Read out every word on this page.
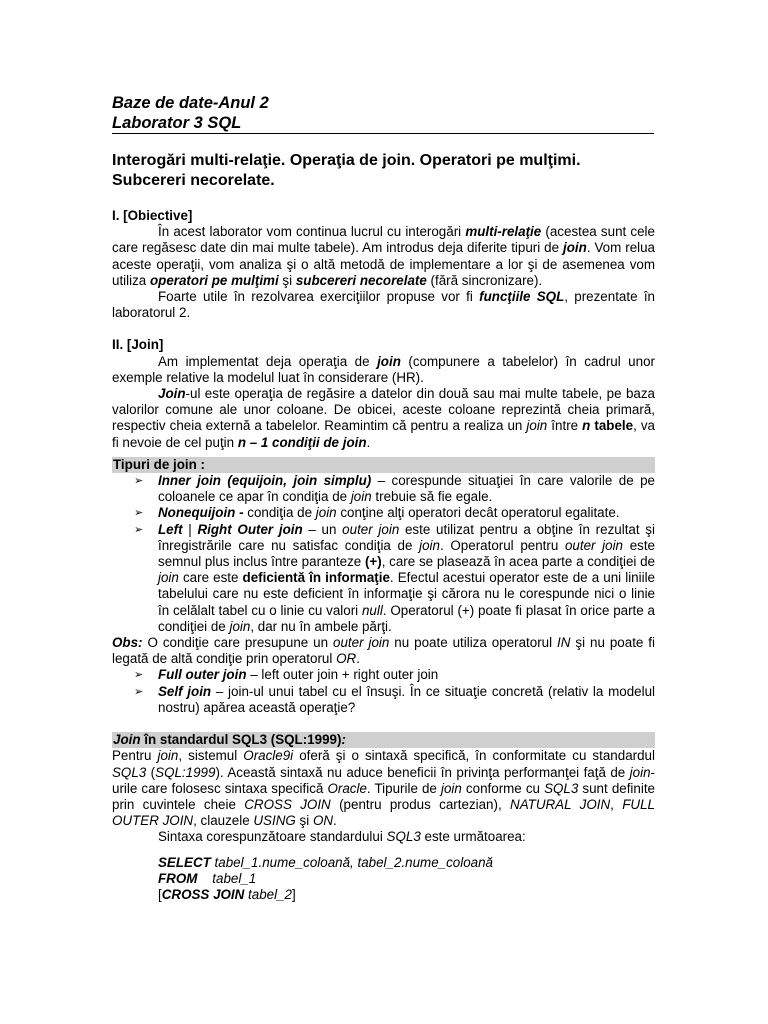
Baze de date-Anul 2

Laborator 3 SQL

Interogări multi-relaţie. Operaţia de join. Operatori pe mulţimi.

Subcereri necorelate.

I. [Obiective]

În acest laborator vom continua lucrul cu interogări multi-relaţie (acestea sunt cele care regăsesc date din mai multe tabele). Am introdus deja diferite tipuri de join. Vom relua aceste operaţii, vom analiza şi o altă metodă de implementare a lor şi de asemenea vom utiliza operatori pe mulţimi şi subcereri necorelate (fără sincronizare).

Foarte utile în rezolvarea exerciţiilor propuse vor fi funcţiile SQL, prezentate în laboratorul 2.

II. [Join]

Am implementat deja operaţia de join (compunere a tabelelor) în cadrul unor exemple relative la modelul luat în considerare (HR).

Join-ul este operaţia de regăsire a datelor din două sau mai multe tabele, pe baza valorilor comune ale unor coloane. De obicei, aceste coloane reprezintă cheia primară, respectiv cheia externă a tabelelor. Reamintim că pentru a realiza un join între n tabele, va fi nevoie de cel puţin n – 1 condiţii de join.

Tipuri de join :

➢ Inner join (equijoin, join simplu) – corespunde situaţiei în care valorile de pe coloanele ce apar în condiţia de join trebuie să fie egale.
➢ Nonequijoin - condiţia de join conţine alţi operatori decât operatorul egalitate.
➢ Left | Right Outer join – un outer join este utilizat pentru a obţine în rezultat şi înregistrările care nu satisfac condiţia de join. Operatorul pentru outer join este semnul plus inclus între paranteze (+), care se plasează în acea parte a condiţiei de join care este deficientă în informaţie. Efectul acestui operator este de a uni liniile tabelului care nu este deficient în informaţie şi cărora nu le corespunde nici o linie în celălalt tabel cu o linie cu valori null. Operatorul (+) poate fi plasat în orice parte a condiţiei de join, dar nu în ambele părţi.

Obs: O condiţie care presupune un outer join nu poate utiliza operatorul IN şi nu poate fi legată de altă condiţie prin operatorul OR.

➢ Full outer join – left outer join + right outer join
➢ Self join – join-ul unui tabel cu el însuşi. În ce situaţie concretă (relativ la modelul nostru) apărea această operaţie?

Join în standardul SQL3 (SQL:1999):

Pentru join, sistemul Oracle9i oferă şi o sintaxă specifică, în conformitate cu standardul SQL3 (SQL:1999). Această sintaxă nu aduce beneficii în privinţa performanţei faţă de join-urile care folosesc sintaxa specifică Oracle. Tipurile de join conforme cu SQL3 sunt definite prin cuvintele cheie CROSS JOIN (pentru produs cartezian), NATURAL JOIN, FULL OUTER JOIN, clauzele USING şi ON.

Sintaxa corespunzătoare standardului SQL3 este următoarea:

SELECT tabel_1.nume_coloană, tabel_2.nume_coloană

FROM    tabel_1

[CROSS JOIN tabel_2]
